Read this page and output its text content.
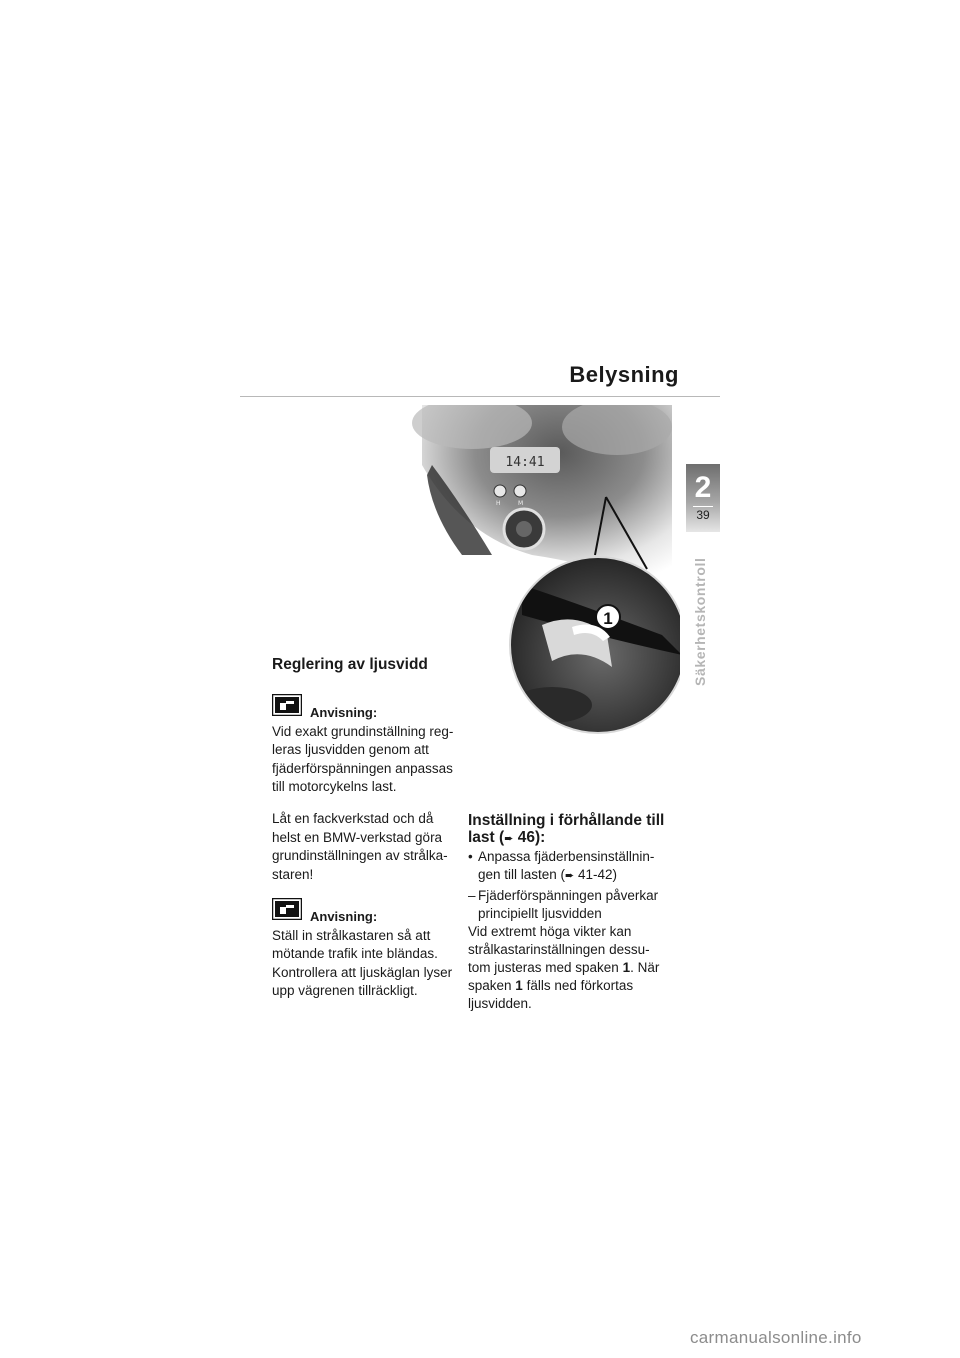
Belysning
2
39
Säkerhetskontroll
14:41
H	M
1
Reglering av ljusvidd
Anvisning:
Vid exakt grundinställning reg-
leras ljusvidden genom att
fjäderförspänningen anpassas
till motorcykelns last.
Låt en fackverkstad och då
helst en BMW-verkstad göra
grundinställningen av strålka-
staren!
Anvisning:
Ställ in strålkastaren så att
mötande trafik inte bländas.
Kontrollera att ljuskäglan lyser
upp vägrenen tillräckligt.
Inställning i förhållande till
last (➨ 46):
• Anpassa fjäderbensinställnin-
gen till lasten (➨ 41-42)
– Fjäderförspänningen påverkar
principiellt ljusvidden
Vid extremt höga vikter kan
strålkastarinställningen dessu-
tom justeras med spaken 1. När
spaken 1 fälls ned förkortas
ljusvidden.
carmanualsonline.info
